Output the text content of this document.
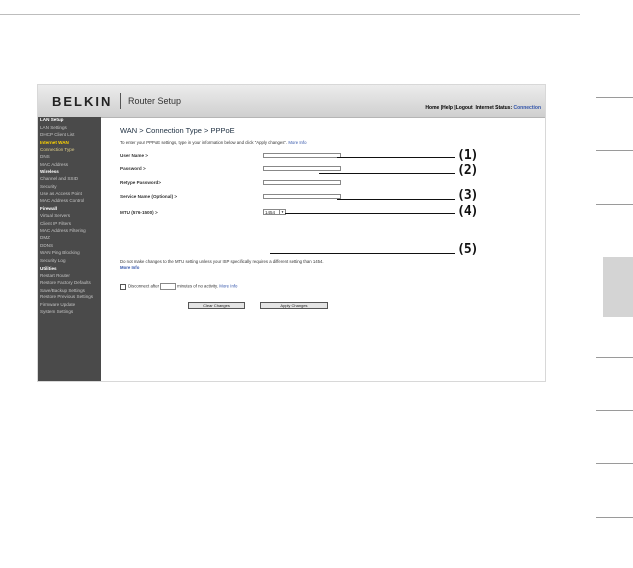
BELKIN Router Setup
Home |Help |Logout Internet Status: Connection
LAN Setup
LAN Settings
DHCP Client List
Internet WAN
Connection Type
DNS
MAC Address
Wireless
Channel and SSID
Security
Use as Access Point
MAC Address Control
Firewall
Virtual Servers
Client IP Filters
MAC Address Filtering
DMZ
DDNS
WAN Ping Blocking
Security Log
Utilities
Restart Router
Restore Factory Defaults
Save/Backup Settings
Restore Previous Settings
Firmware Update
System Settings
WAN > Connection Type > PPPoE
To enter your PPPoE settings, type in your information below and click "Apply changes". More Info
User Name >
Password >
Retype Password>
Service Name (Optional) >
MTU (576-1500) >	1454	▼
Do not make changes to the MTU setting unless your ISP specifically requires a different setting than 1454.
More Info
Disconnect after	minutes of no activity. More Info
Clear Changes	Apply Changes
(1)
(2)
(3)
(4)
(5)
